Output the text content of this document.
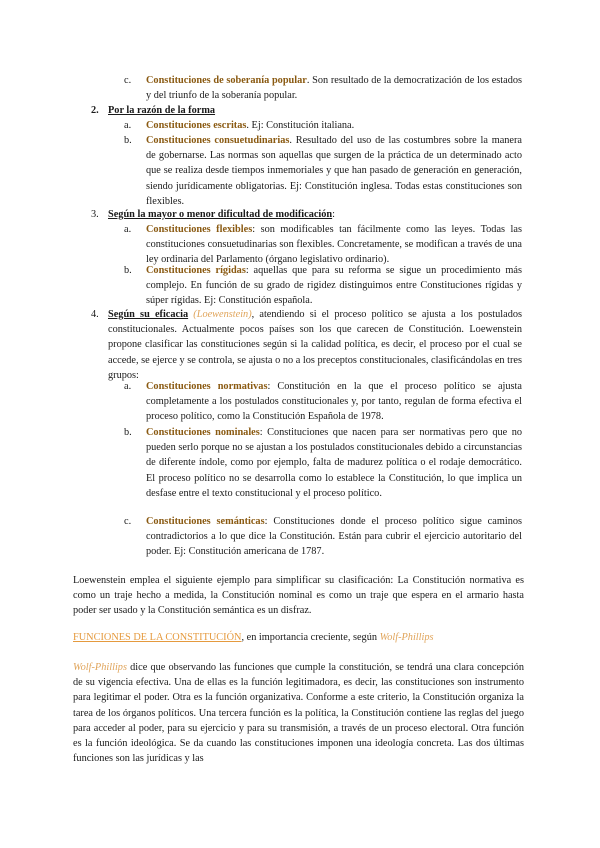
c.	Constituciones de soberanía popular. Son resultado de la democratización de los estados y del triunfo de la soberanía popular.

2. Por la razón de la forma

a.	Constituciones escritas. Ej: Constitución italiana.

b.	Constituciones consuetudinarias. Resultado del uso de las costumbres sobre la manera de gobernarse. Las normas son aquellas que surgen de la práctica de un determinado acto que se realiza desde tiempos inmemoriales y que han pasado de generación en generación, siendo jurídicamente obligatorias. Ej: Constitución inglesa. Todas estas constituciones son flexibles.

3. Según la mayor o menor dificultad de modificación:

a.	Constituciones flexibles: son modificables tan fácilmente como las leyes. Todas las constituciones consuetudinarias son flexibles. Concretamente, se modifican a través de una ley ordinaria del Parlamento (órgano legislativo ordinario).

b.	Constituciones rígidas: aquellas que para su reforma se sigue un procedimiento más complejo. En función de su grado de rigidez distinguimos entre Constituciones rígidas y súper rígidas. Ej: Constitución española.

4. Según su eficacia (Loewenstein), atendiendo si el proceso político se ajusta a los postulados constitucionales. Actualmente pocos países son los que carecen de Constitución. Loewenstein propone clasificar las constituciones según si la calidad política, es decir, el proceso por el cual se accede, se ejerce y se controla, se ajusta o no a los preceptos constitucionales, clasificándolas en tres grupos:

a.	Constituciones normativas: Constitución en la que el proceso político se ajusta completamente a los postulados constitucionales y, por tanto, regulan de forma efectiva el proceso político, como la Constitución Española de 1978.

b.	Constituciones nominales: Constituciones que nacen para ser normativas pero que no pueden serlo porque no se ajustan a los postulados constitucionales debido a circunstancias de diferente índole, como por ejemplo, falta de madurez política o el rodaje democrático. El proceso político no se desarrolla como lo establece la Constitución, lo que implica un desfase entre el texto constitucional y el proceso político.

c.	Constituciones semánticas: Constituciones donde el proceso político sigue caminos contradictorios a lo que dice la Constitución. Están para cubrir el ejercicio autoritario del poder. Ej: Constitución americana de 1787.

Loewenstein emplea el siguiente ejemplo para simplificar su clasificación: La Constitución normativa es como un traje hecho a medida, la Constitución nominal es como un traje que espera en el armario hasta poder ser usado y la Constitución semántica es un disfraz.

FUNCIONES DE LA CONSTITUCIÓN, en importancia creciente, según Wolf-Phillips

Wolf-Phillips dice que observando las funciones que cumple la constitución, se tendrá una clara concepción de su vigencia efectiva. Una de ellas es la función legitimadora, es decir, las constituciones son instrumento para legitimar el poder. Otra es la función organizativa. Conforme a este criterio, la Constitución organiza la tarea de los órganos políticos. Una tercera función es la política, la Constitución contiene las reglas del juego para acceder al poder, para su ejercicio y para su transmisión, a través de un proceso electoral. Otra función es la función ideológica. Se da cuando las constituciones imponen una ideología concreta. Las dos últimas funciones son las jurídicas y las
